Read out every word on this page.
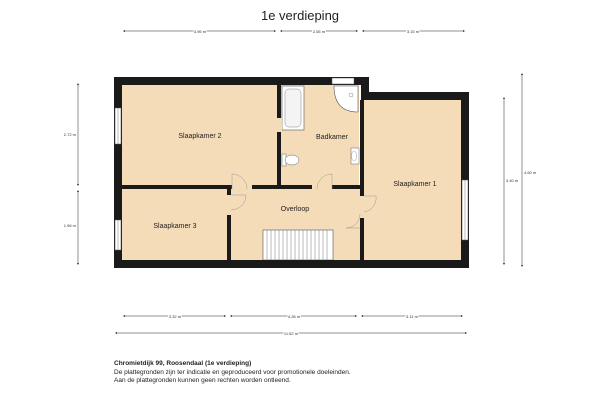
1e verdieping
Slaapkamer 2	Badkamer
Slaapkamer 1
Overloop
Slaapkamer 3
4.95 m	2.55 m	3.15 m
2.72 m
1.96 m
3.40 m
4.60 m
3.32 m	4.28 m	3.11 m
11.52 m
Chromietdijk 99, Roosendaal (1e verdieping)
De plattegronden zijn ter indicatie en geproduceerd voor promotionele doeleinden.
Aan de plattegronden kunnen geen rechten worden ontleend.
